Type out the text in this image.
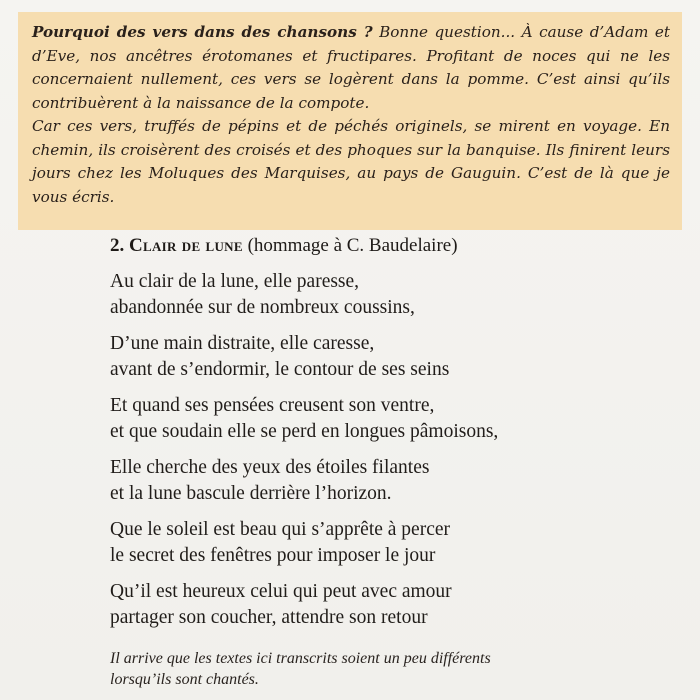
Pourquoi des vers dans des chansons ? Bonne question... À cause d’Adam et d’Eve, nos ancêtres érotomanes et fructipares. Profitant de noces qui ne les concernaient nullement, ces vers se logèrent dans la pomme. C’est ainsi qu’ils contribuèrent à la naissance de la compote.

Car ces vers, truffés de pépins et de péchés originels, se mirent en voyage. En chemin, ils croisèrent des croisés et des phoques sur la banquise. Ils finirent leurs jours chez les Moluques des Marquises, au pays de Gauguin. C’est de là que je vous écris.

2. Clair de lune (hommage à C. Baudelaire)

Au clair de la lune, elle paresse,
abandonnée sur de nombreux coussins,
D’une main distraite, elle caresse,
avant de s’endormir, le contour de ses seins
Et quand ses pensées creusent son ventre,
et que soudain elle se perd en longues pâmoisons,
Elle cherche des yeux des étoiles filantes
et la lune bascule derrière l’horizon.
Que le soleil est beau qui s’apprête à percer
le secret des fenêtres pour imposer le jour
Qu’il est heureux celui qui peut avec amour
partager son coucher, attendre son retour
Il arrive que les textes ici transcrits soient un peu différents
lorsqu’ils sont chantés.
